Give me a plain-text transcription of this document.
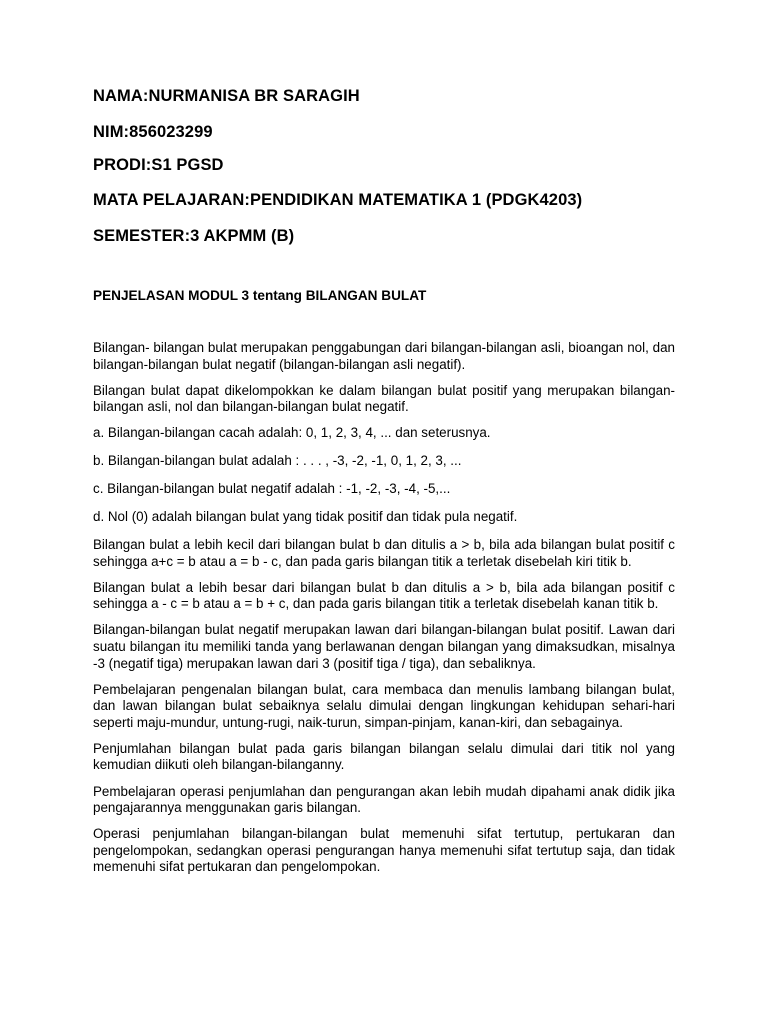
NAMA:NURMANISA BR SARAGIH

NIM:856023299

PRODI:S1 PGSD

MATA PELAJARAN:PENDIDIKAN MATEMATIKA 1 (PDGK4203)

SEMESTER:3 AKPMM (B)

PENJELASAN MODUL 3 tentang BILANGAN BULAT

Bilangan- bilangan bulat merupakan penggabungan dari bilangan-bilangan asli, bioangan nol, dan bilangan-bilangan bulat negatif (bilangan-bilangan asli negatif).

Bilangan bulat dapat dikelompokkan ke dalam bilangan bulat positif yang merupakan bilangan-bilangan asli, nol dan bilangan-bilangan bulat negatif.

a. Bilangan-bilangan cacah adalah: 0, 1, 2, 3, 4, ... dan seterusnya.

b. Bilangan-bilangan bulat adalah : . . . , -3, -2, -1, 0, 1, 2, 3, ...

c. Bilangan-bilangan bulat negatif adalah : -1, -2, -3, -4, -5,...

d. Nol (0) adalah bilangan bulat yang tidak positif dan tidak pula negatif.

Bilangan bulat a lebih kecil dari bilangan bulat b dan ditulis a > b, bila ada bilangan bulat positif c sehingga a+c = b atau a = b - c, dan pada garis bilangan titik a terletak disebelah kiri titik b.

Bilangan bulat a lebih besar dari bilangan bulat b dan ditulis a > b, bila ada bilangan positif c sehingga a - c = b atau a = b + c, dan pada garis bilangan titik a terletak disebelah kanan titik b.

Bilangan-bilangan bulat negatif merupakan lawan dari bilangan-bilangan bulat positif. Lawan dari suatu bilangan itu memiliki tanda yang berlawanan dengan bilangan yang dimaksudkan, misalnya -3 (negatif tiga) merupakan lawan dari 3 (positif tiga / tiga), dan sebaliknya.

Pembelajaran pengenalan bilangan bulat, cara membaca dan menulis lambang bilangan bulat, dan lawan bilangan bulat sebaiknya selalu dimulai dengan lingkungan kehidupan sehari-hari seperti maju-mundur, untung-rugi, naik-turun, simpan-pinjam, kanan-kiri, dan sebagainya.

Penjumlahan bilangan bulat pada garis bilangan bilangan selalu dimulai dari titik nol yang kemudian diikuti oleh bilangan-bilanganny.

Pembelajaran operasi penjumlahan dan pengurangan akan lebih mudah dipahami anak didik jika pengajarannya menggunakan garis bilangan.

Operasi penjumlahan bilangan-bilangan bulat memenuhi sifat tertutup, pertukaran dan pengelompokan, sedangkan operasi pengurangan hanya memenuhi sifat tertutup saja, dan tidak memenuhi sifat pertukaran dan pengelompokan.
